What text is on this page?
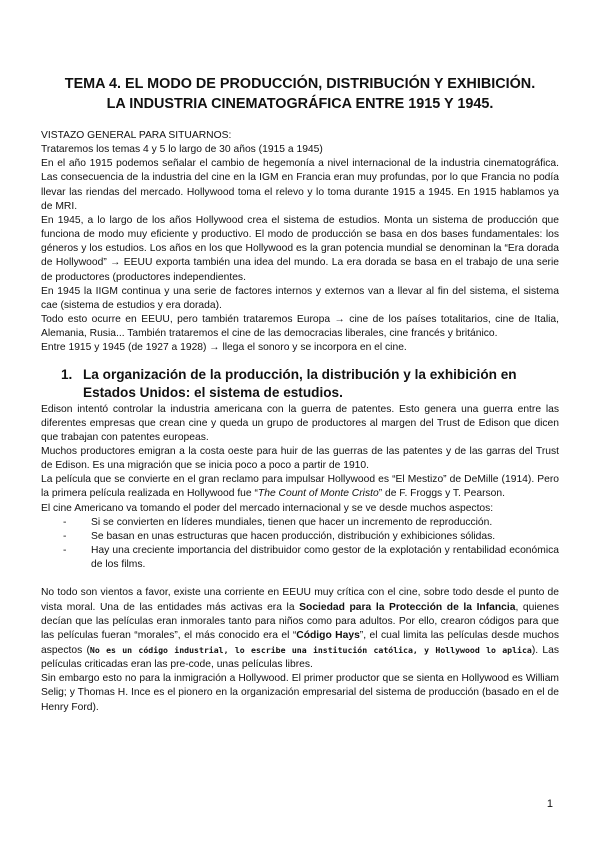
TEMA 4. EL MODO DE PRODUCCIÓN, DISTRIBUCIÓN Y EXHIBICIÓN.
LA INDUSTRIA CINEMATOGRÁFICA ENTRE 1915 Y 1945.

VISTAZO GENERAL PARA SITUARNOS:

Trataremos los temas 4 y 5 lo largo de 30 años (1915 a 1945)

En el año 1915 podemos señalar el cambio de hegemonía a nivel internacional de la industria cinematográfica. Las consecuencia de la industria del cine en la IGM en Francia eran muy profundas, por lo que Francia no podía llevar las riendas del mercado. Hollywood toma el relevo y lo toma durante 1915 a 1945. En 1915 hablamos ya de MRI.

En 1945, a lo largo de los años Hollywood crea el sistema de estudios. Monta un sistema de producción que funciona de modo muy eficiente y productivo. El modo de producción se basa en dos bases fundamentales: los géneros y los estudios. Los años en los que Hollywood es la gran potencia mundial se denominan la “Era dorada de Hollywood” → EEUU exporta también una idea del mundo. La era dorada se basa en el trabajo de una serie de productores (productores independientes.

En 1945 la IIGM continua y una serie de factores internos y externos van a llevar al fin del sistema, el sistema cae (sistema de estudios y era dorada).

Todo esto ocurre en EEUU, pero también trataremos Europa → cine de los países totalitarios, cine de Italia, Alemania, Rusia... También trataremos el cine de las democracias liberales, cine francés y británico.

Entre 1915 y 1945 (de 1927 a 1928) → llega el sonoro y se incorpora en el cine.

1. La organización de la producción, la distribución y la exhibición en Estados Unidos: el sistema de estudios.

Edison intentó controlar la industria americana con la guerra de patentes. Esto genera una guerra entre las diferentes empresas que crean cine y queda un grupo de productores al margen del Trust de Edison que dicen que trabajan con patentes europeas.

Muchos productores emigran a la costa oeste para huir de las guerras de las patentes y de las garras del Trust de Edison. Es una migración que se inicia poco a poco a partir de 1910.

La película que se convierte en el gran reclamo para impulsar Hollywood es “El Mestizo” de DeMille (1914). Pero la primera película realizada en Hollywood fue “The Count of Monte Cristo” de F. Froggs y T. Pearson.

El cine Americano va tomando el poder del mercado internacional y se ve desde muchos aspectos:

- Si se convierten en líderes mundiales, tienen que hacer un incremento de reproducción.
- Se basan en unas estructuras que hacen producción, distribución y exhibiciones sólidas.
- Hay una creciente importancia del distribuidor como gestor de la explotación y rentabilidad económica de los films.

No todo son vientos a favor, existe una corriente en EEUU muy crítica con el cine, sobre todo desde el punto de vista moral. Una de las entidades más activas era la Sociedad para la Protección de la Infancia, quienes decían que las películas eran inmorales tanto para niños como para adultos. Por ello, crearon códigos para que las películas fueran “morales”, el más conocido era el “Código Hays”, el cual limita las películas desde muchos aspectos (No es un código industrial, lo escribe una institución católica, y Hollywood lo aplica). Las películas criticadas eran las pre-code, unas películas libres.

Sin embargo esto no para la inmigración a Hollywood. El primer productor que se sienta en Hollywood es William Selig; y Thomas H. Ince es el pionero en la organización empresarial del sistema de producción (basado en el de Henry Ford).

1
